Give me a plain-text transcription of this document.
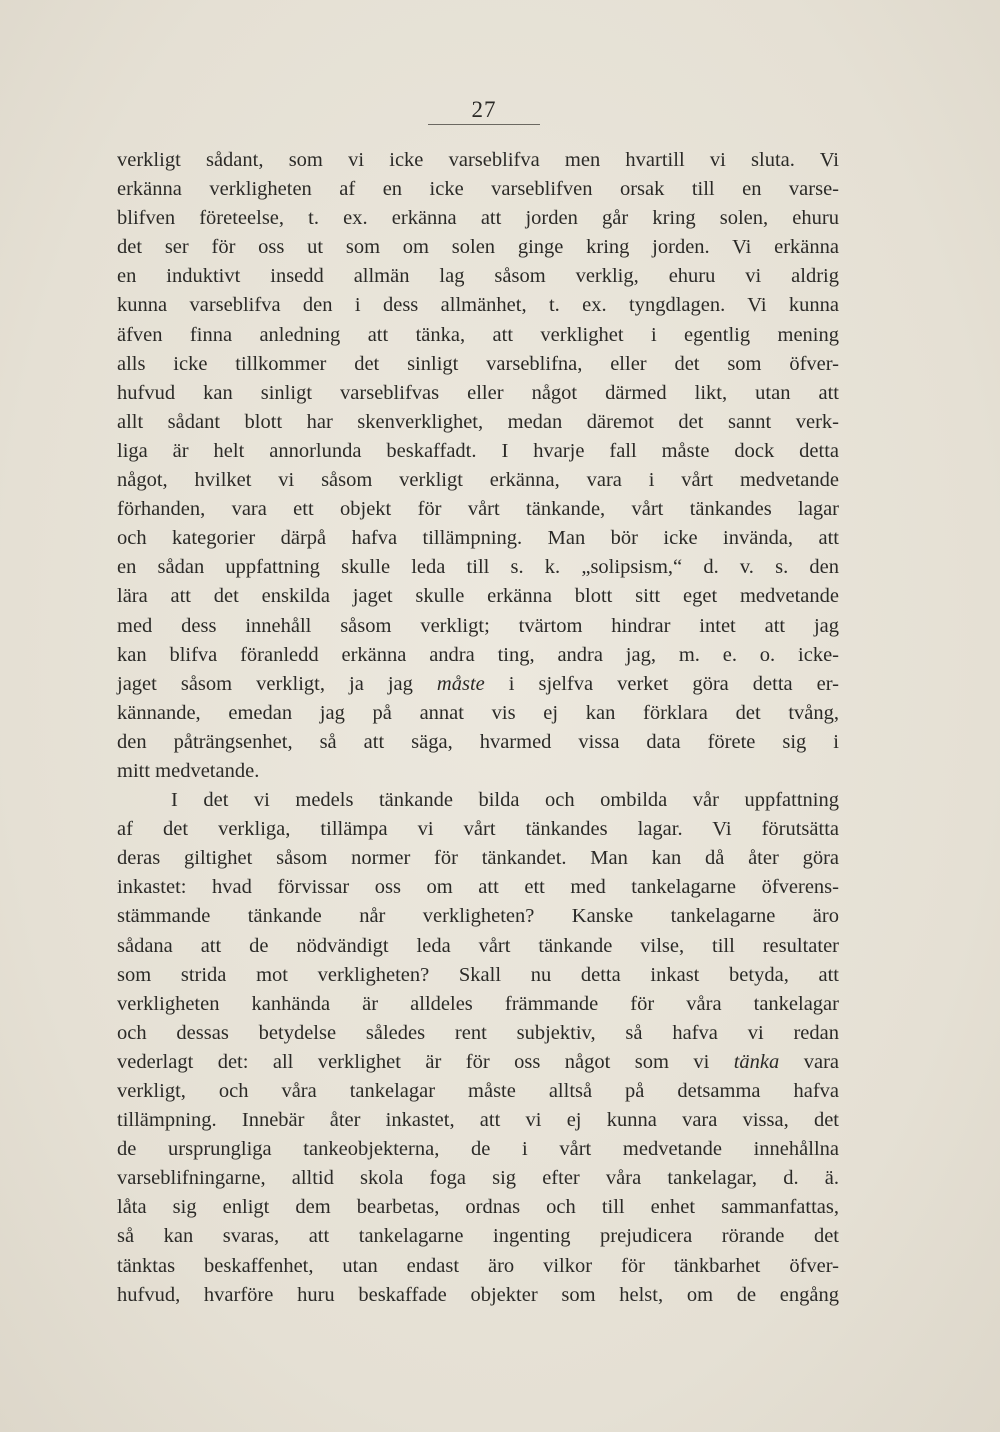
27
verkligt sådant, som vi icke varseblifva men hvartill vi sluta. Vi
erkänna verkligheten af en icke varseblifven orsak till en varse-
blifven företeelse, t. ex. erkänna att jorden går kring solen, ehuru
det ser för oss ut som om solen ginge kring jorden. Vi erkänna
en induktivt insedd allmän lag såsom verklig, ehuru vi aldrig
kunna varseblifva den i dess allmänhet, t. ex. tyngdlagen. Vi kunna
äfven finna anledning att tänka, att verklighet i egentlig mening
alls icke tillkommer det sinligt varseblifna, eller det som öfver-
hufvud kan sinligt varseblifvas eller något därmed likt, utan att
allt sådant blott har skenverklighet, medan däremot det sannt verk-
liga är helt annorlunda beskaffadt. I hvarje fall måste dock detta
något, hvilket vi såsom verkligt erkänna, vara i vårt medvetande
förhanden, vara ett objekt för vårt tänkande, vårt tänkandes lagar
och kategorier därpå hafva tillämpning. Man bör icke invända, att
en sådan uppfattning skulle leda till s. k. „solipsism,“ d. v. s. den
lära att det enskilda jaget skulle erkänna blott sitt eget medvetande
med dess innehåll såsom verkligt; tvärtom hindrar intet att jag
kan blifva föranledd erkänna andra ting, andra jag, m. e. o. icke-
jaget såsom verkligt, ja jag måste i sjelfva verket göra detta er-
kännande, emedan jag på annat vis ej kan förklara det tvång,
den påträngsenhet, så att säga, hvarmed vissa data förete sig i
mitt medvetande.
I det vi medels tänkande bilda och ombilda vår uppfattning
af det verkliga, tillämpa vi vårt tänkandes lagar. Vi förutsätta
deras giltighet såsom normer för tänkandet. Man kan då åter göra
inkastet: hvad förvissar oss om att ett med tankelagarne öfverens-
stämmande tänkande når verkligheten? Kanske tankelagarne äro
sådana att de nödvändigt leda vårt tänkande vilse, till resultater
som strida mot verkligheten? Skall nu detta inkast betyda, att
verkligheten kanhända är alldeles främmande för våra tankelagar
och dessas betydelse således rent subjektiv, så hafva vi redan
vederlagt det: all verklighet är för oss något som vi tänka vara
verkligt, och våra tankelagar måste alltså på detsamma hafva
tillämpning. Innebär åter inkastet, att vi ej kunna vara vissa, det
de ursprungliga tankeobjekterna, de i vårt medvetande innehållna
varseblifningarne, alltid skola foga sig efter våra tankelagar, d. ä.
låta sig enligt dem bearbetas, ordnas och till enhet sammanfattas,
så kan svaras, att tankelagarne ingenting prejudicera rörande det
tänktas beskaffenhet, utan endast äro vilkor för tänkbarhet öfver-
hufvud, hvarföre huru beskaffade objekter som helst, om de engång
